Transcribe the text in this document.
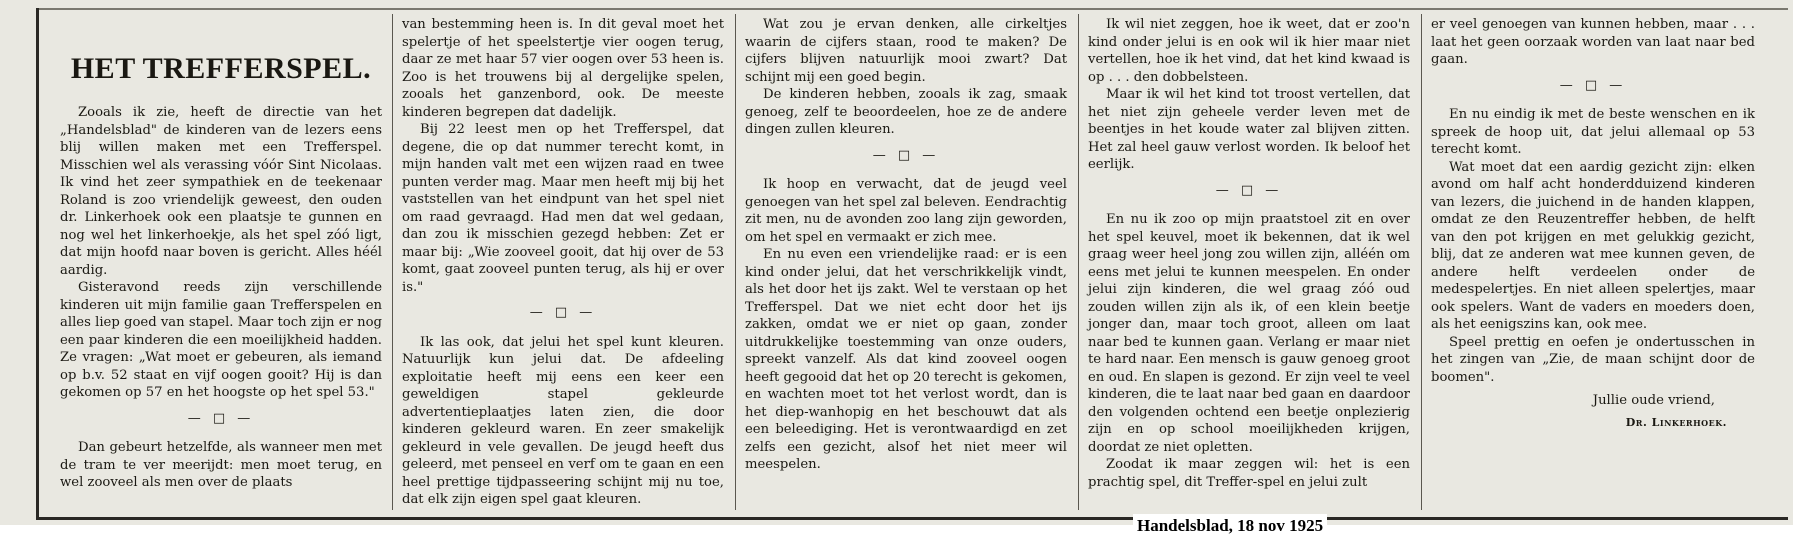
HET TREFFERSPEL.

Zooals ik zie, heeft de directie van het „Handelsblad" de kinderen van de lezers eens blij willen maken met een Trefferspel. Misschien wel als verassing vóór Sint Nicolaas. Ik vind het zeer sympathiek en de teekenaar Roland is zoo vriendelijk geweest, den ouden dr. Linkerhoek ook een plaatsje te gunnen en nog wel het linkerhoekje, als het spel zóó ligt, dat mijn hoofd naar boven is gericht. Alles héél aardig.

Gisteravond reeds zijn verschillende kinderen uit mijn familie gaan Trefferspelen en alles liep goed van stapel. Maar toch zijn er nog een paar kinderen die een moeilijkheid hadden. Ze vragen: „Wat moet er gebeuren, als iemand op b.v. 52 staat en vijf oogen gooit? Hij is dan gekomen op 57 en het hoogste op het spel 53."

— □ —

Dan gebeurt hetzelfde, als wanneer men met de tram te ver meerijdt: men moet terug, en wel zooveel als men over de plaats

van bestemming heen is. In dit geval moet het spelertje of het speelstertje vier oogen terug, daar ze met haar 57 vier oogen over 53 heen is. Zoo is het trouwens bij al dergelijke spelen, zooals het ganzenbord, ook. De meeste kinderen begrepen dat dadelijk.

Bij 22 leest men op het Trefferspel, dat degene, die op dat nummer terecht komt, in mijn handen valt met een wijzen raad en twee punten verder mag. Maar men heeft mij bij het vaststellen van het eindpunt van het spel niet om raad gevraagd. Had men dat wel gedaan, dan zou ik misschien gezegd hebben: Zet er maar bij: „Wie zooveel gooit, dat hij over de 53 komt, gaat zooveel punten terug, als hij er over is."

— □ —

Ik las ook, dat jelui het spel kunt kleuren. Natuurlijk kun jelui dat. De afdeeling exploitatie heeft mij eens een keer een geweldigen stapel gekleurde advertentieplaatjes laten zien, die door kinderen gekleurd waren. En zeer smakelijk gekleurd in vele gevallen. De jeugd heeft dus geleerd, met penseel en verf om te gaan en een heel prettige tijdpasseering schijnt mij nu toe, dat elk zijn eigen spel gaat kleuren.

Wat zou je ervan denken, alle cirkeltjes waarin de cijfers staan, rood te maken? De cijfers blijven natuurlijk mooi zwart? Dat schijnt mij een goed begin.

De kinderen hebben, zooals ik zag, smaak genoeg, zelf te beoordeelen, hoe ze de andere dingen zullen kleuren.

— □ —

Ik hoop en verwacht, dat de jeugd veel genoegen van het spel zal beleven. Eendrachtig zit men, nu de avonden zoo lang zijn geworden, om het spel en vermaakt er zich mee.

En nu even een vriendelijke raad: er is een kind onder jelui, dat het verschrikkelijk vindt, als het door het ijs zakt. Wel te verstaan op het Trefferspel. Dat we niet echt door het ijs zakken, omdat we er niet op gaan, zonder uitdrukkelijke toestemming van onze ouders, spreekt vanzelf. Als dat kind zooveel oogen heeft gegooid dat het op 20 terecht is gekomen, en wachten moet tot het verlost wordt, dan is het diep-wanhopig en het beschouwt dat als een beleediging. Het is verontwaardigd en zet zelfs een gezicht, alsof het niet meer wil meespelen.

Ik wil niet zeggen, hoe ik weet, dat er zoo'n kind onder jelui is en ook wil ik hier maar niet vertellen, hoe ik het vind, dat het kind kwaad is op . . . den dobbelsteen.

Maar ik wil het kind tot troost vertellen, dat het niet zijn geheele verder leven met de beentjes in het koude water zal blijven zitten. Het zal heel gauw verlost worden. Ik beloof het eerlijk.

— □ —

En nu ik zoo op mijn praatstoel zit en over het spel keuvel, moet ik bekennen, dat ik wel graag weer heel jong zou willen zijn, alléén om eens met jelui te kunnen meespelen. En onder jelui zijn kinderen, die wel graag zóó oud zouden willen zijn als ik, of een klein beetje jonger dan, maar toch groot, alleen om laat naar bed te kunnen gaan. Verlang er maar niet te hard naar. Een mensch is gauw genoeg groot en oud. En slapen is gezond. Er zijn veel te veel kinderen, die te laat naar bed gaan en daardoor den volgenden ochtend een beetje onplezierig zijn en op school moeilijkheden krijgen, doordat ze niet opletten.

Zoodat ik maar zeggen wil: het is een prachtig spel, dit Treffer-spel en jelui zult

er veel genoegen van kunnen hebben, maar . . . laat het geen oorzaak worden van laat naar bed gaan.

— □ —

En nu eindig ik met de beste wenschen en ik spreek de hoop uit, dat jelui allemaal op 53 terecht komt.

Wat moet dat een aardig gezicht zijn: elken avond om half acht honderdduizend kinderen van lezers, die juichend in de handen klappen, omdat ze den Reuzentreffer hebben, de helft van den pot krijgen en met gelukkig gezicht, blij, dat ze anderen wat mee kunnen geven, de andere helft verdeelen onder de medespelertjes. En niet alleen spelertjes, maar ook spelers. Want de vaders en moeders doen, als het eenigszins kan, ook mee.

Speel prettig en oefen je ondertusschen in het zingen van „Zie, de maan schijnt door de boomen".

Jullie oude vriend,
Dr. Linkerhoek.
Handelsblad, 18 nov 1925
